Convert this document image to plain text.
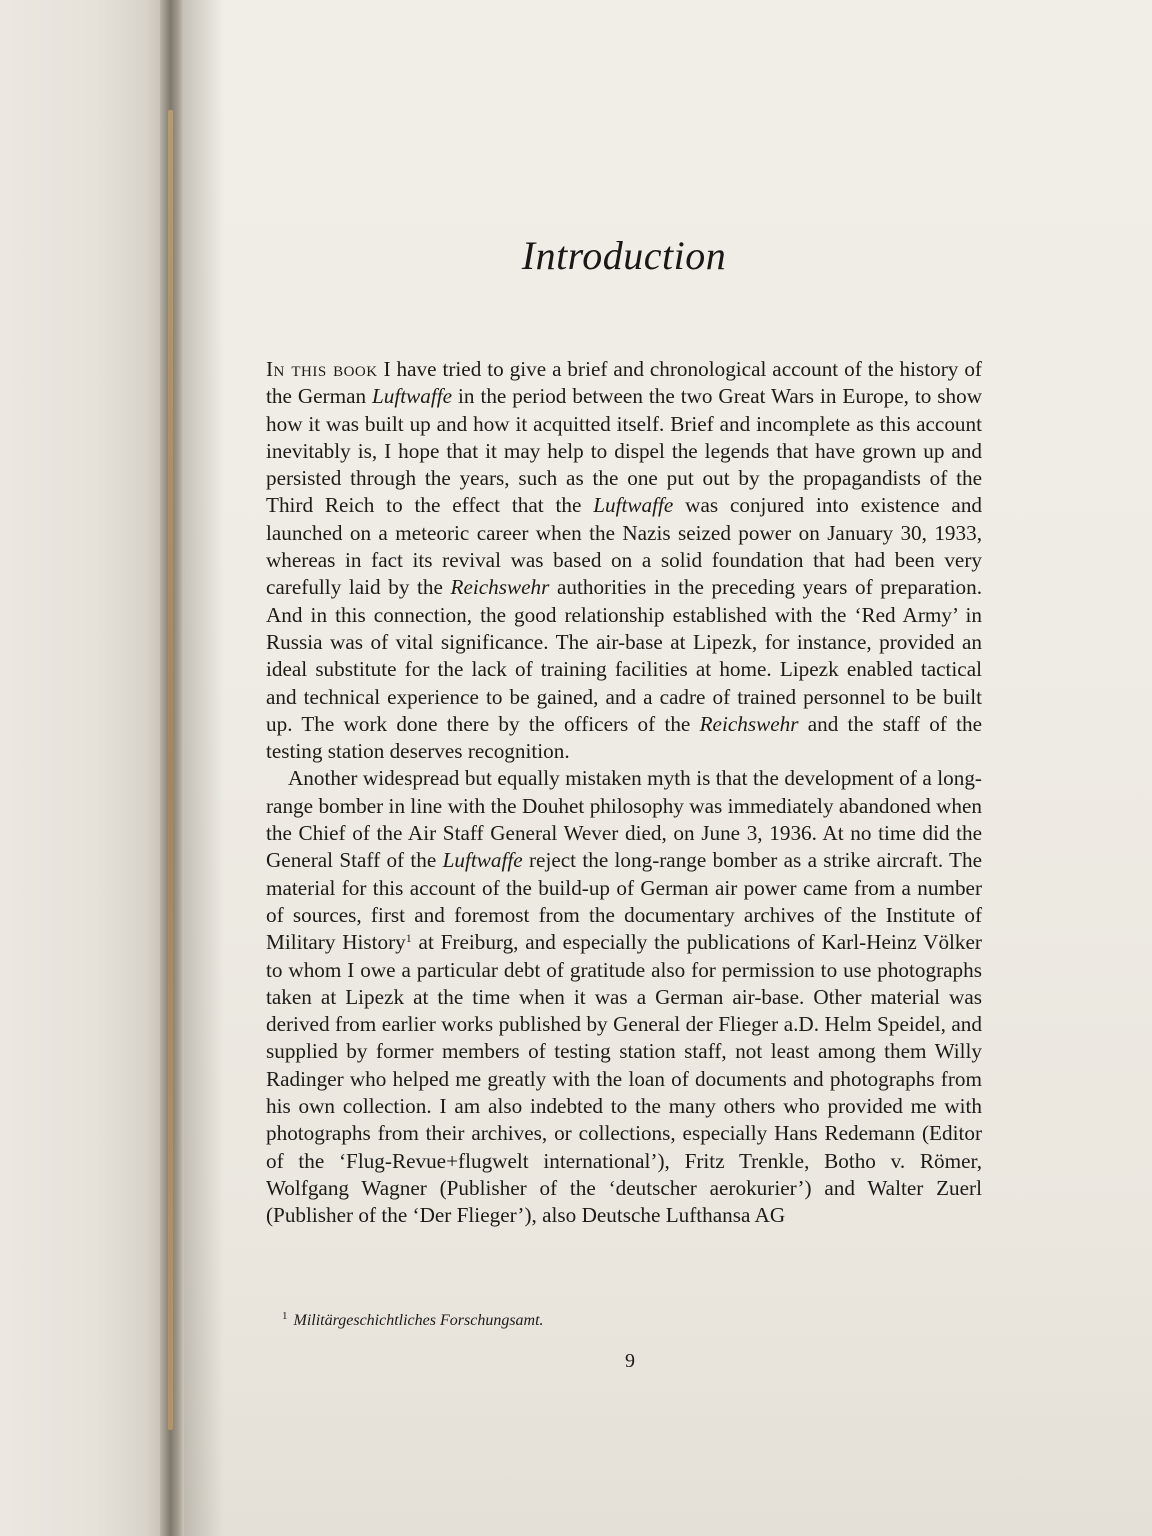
Introduction

In this book I have tried to give a brief and chronological account of the history of the German Luftwaffe in the period between the two Great Wars in Europe, to show how it was built up and how it acquitted itself. Brief and incomplete as this account inevitably is, I hope that it may help to dispel the legends that have grown up and persisted through the years, such as the one put out by the propagandists of the Third Reich to the effect that the Luftwaffe was conjured into existence and launched on a meteoric career when the Nazis seized power on January 30, 1933, whereas in fact its revival was based on a solid foundation that had been very carefully laid by the Reichswehr authorities in the preceding years of preparation. And in this connection, the good relationship established with the ‘Red Army’ in Russia was of vital significance. The air-base at Lipezk, for instance, provided an ideal substitute for the lack of training facilities at home. Lipezk enabled tactical and technical experience to be gained, and a cadre of trained personnel to be built up. The work done there by the officers of the Reichswehr and the staff of the testing station deserves recognition.

Another widespread but equally mistaken myth is that the development of a long-range bomber in line with the Douhet philosophy was immediately abandoned when the Chief of the Air Staff General Wever died, on June 3, 1936. At no time did the General Staff of the Luftwaffe reject the long-range bomber as a strike aircraft. The material for this account of the build-up of German air power came from a number of sources, first and foremost from the documentary archives of the Institute of Military History$^1$ at Freiburg, and especially the publications of Karl-Heinz Völker to whom I owe a particular debt of gratitude also for permission to use photographs taken at Lipezk at the time when it was a German air-base. Other material was derived from earlier works published by General der Flieger a.D. Helm Speidel, and supplied by former members of testing station staff, not least among them Willy Radinger who helped me greatly with the loan of documents and photographs from his own collection. I am also indebted to the many others who provided me with photographs from their archives, or collections, especially Hans Redemann (Editor of the ‘Flug-Revue+flugwelt international’), Fritz Trenkle, Botho v. Römer, Wolfgang Wagner (Publisher of the ‘deutscher aerokurier’) and Walter Zuerl (Publisher of the ‘Der Flieger’), also Deutsche Lufthansa AG

$^1$ Militärgeschichtliches Forschungsamt.
9
